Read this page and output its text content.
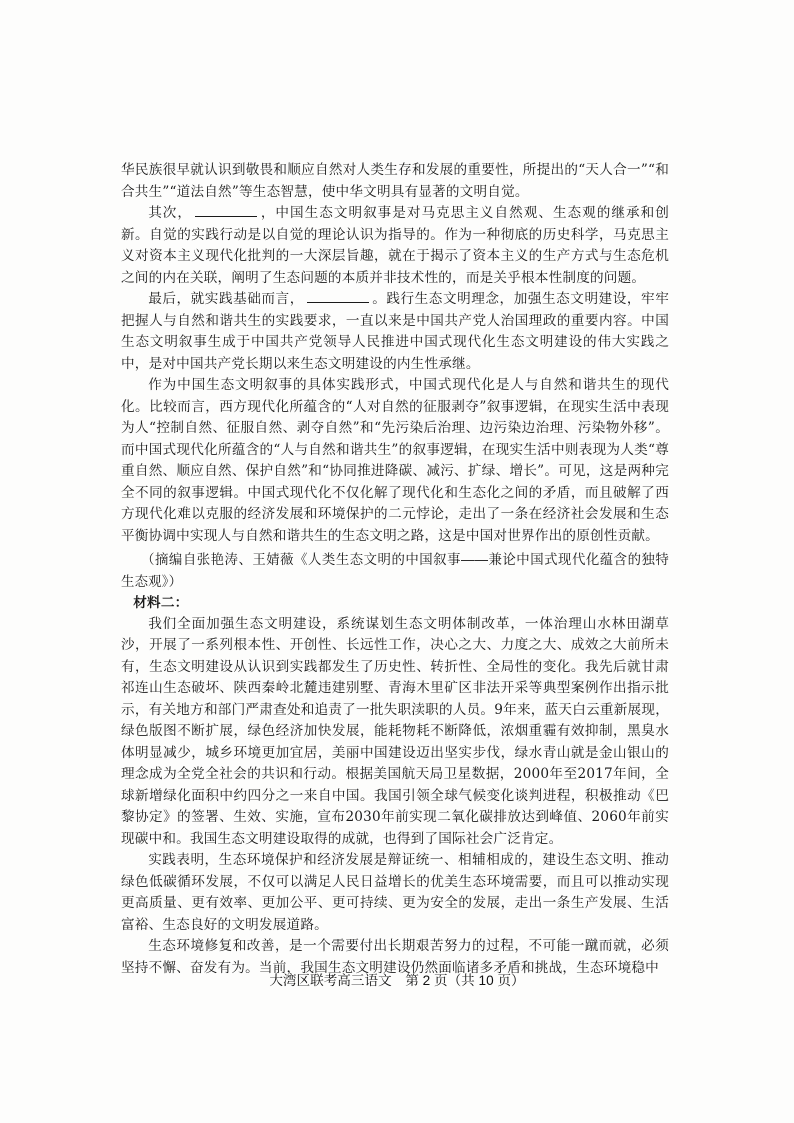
华民族很早就认识到敬畏和顺应自然对人类生存和发展的重要性，所提出的“天人合一”“和合共生”“道法自然”等生态智慧，使中华文明具有显著的文明自觉。

其次，	，中国生态文明叙事是对马克思主义自然观、生态观的继承和创新。自觉的实践行动是以自觉的理论认识为指导的。作为一种彻底的历史科学，马克思主义对资本主义现代化批判的一大深层旨趣，就在于揭示了资本主义的生产方式与生态危机之间的内在关联，阐明了生态问题的本质并非技术性的，而是关乎根本性制度的问题。

最后，就实践基础而言，	。践行生态文明理念，加强生态文明建设，牢牢把握人与自然和谐共生的实践要求，一直以来是中国共产党人治国理政的重要内容。中国生态文明叙事生成于中国共产党领导人民推进中国式现代化生态文明建设的伟大实践之中，是对中国共产党长期以来生态文明建设的内生性承继。

作为中国生态文明叙事的具体实践形式，中国式现代化是人与自然和谐共生的现代化。比较而言，西方现代化所蕴含的“人对自然的征服剥夺”叙事逻辑，在现实生活中表现为人“控制自然、征服自然、剥夺自然”和“先污染后治理、边污染边治理、污染物外移”。而中国式现代化所蕴含的“人与自然和谐共生”的叙事逻辑，在现实生活中则表现为人类“尊重自然、顺应自然、保护自然”和“协同推进降碳、减污、扩绿、增长”。可见，这是两种完全不同的叙事逻辑。中国式现代化不仅化解了现代化和生态化之间的矛盾，而且破解了西方现代化难以克服的经济发展和环境保护的二元悖论，走出了一条在经济社会发展和生态平衡协调中实现人与自然和谐共生的生态文明之路，这是中国对世界作出的原创性贡献。

（摘编自张艳涛、王婧薇《人类生态文明的中国叙事——兼论中国式现代化蕴含的独特生态观》）

材料二：

我们全面加强生态文明建设，系统谋划生态文明体制改革，一体治理山水林田湖草沙，开展了一系列根本性、开创性、长远性工作，决心之大、力度之大、成效之大前所未有，生态文明建设从认识到实践都发生了历史性、转折性、全局性的变化。我先后就甘肃祁连山生态破坏、陕西秦岭北麓违建别墅、青海木里矿区非法开采等典型案例作出指示批示，有关地方和部门严肃查处和追责了一批失职渎职的人员。9年来，蓝天白云重新展现，绿色版图不断扩展，绿色经济加快发展，能耗物耗不断降低，浓烟重霾有效抑制，黑臭水体明显减少，城乡环境更加宜居，美丽中国建设迈出坚实步伐，绿水青山就是金山银山的理念成为全党全社会的共识和行动。根据美国航天局卫星数据，2000年至2017年间，全球新增绿化面积中约四分之一来自中国。我国引领全球气候变化谈判进程，积极推动《巴黎协定》的签署、生效、实施，宣布2030年前实现二氧化碳排放达到峰值、2060年前实现碳中和。我国生态文明建设取得的成就，也得到了国际社会广泛肯定。

实践表明，生态环境保护和经济发展是辩证统一、相辅相成的，建设生态文明、推动绿色低碳循环发展，不仅可以满足人民日益增长的优美生态环境需要，而且可以推动实现更高质量、更有效率、更加公平、更可持续、更为安全的发展，走出一条生产发展、生活富裕、生态良好的文明发展道路。

生态环境修复和改善，是一个需要付出长期艰苦努力的过程，不可能一蹴而就，必须坚持不懈、奋发有为。当前，我国生态文明建设仍然面临诸多矛盾和挑战，生态环境稳中

大湾区联考高三语文　第 2 页（共 10 页）
